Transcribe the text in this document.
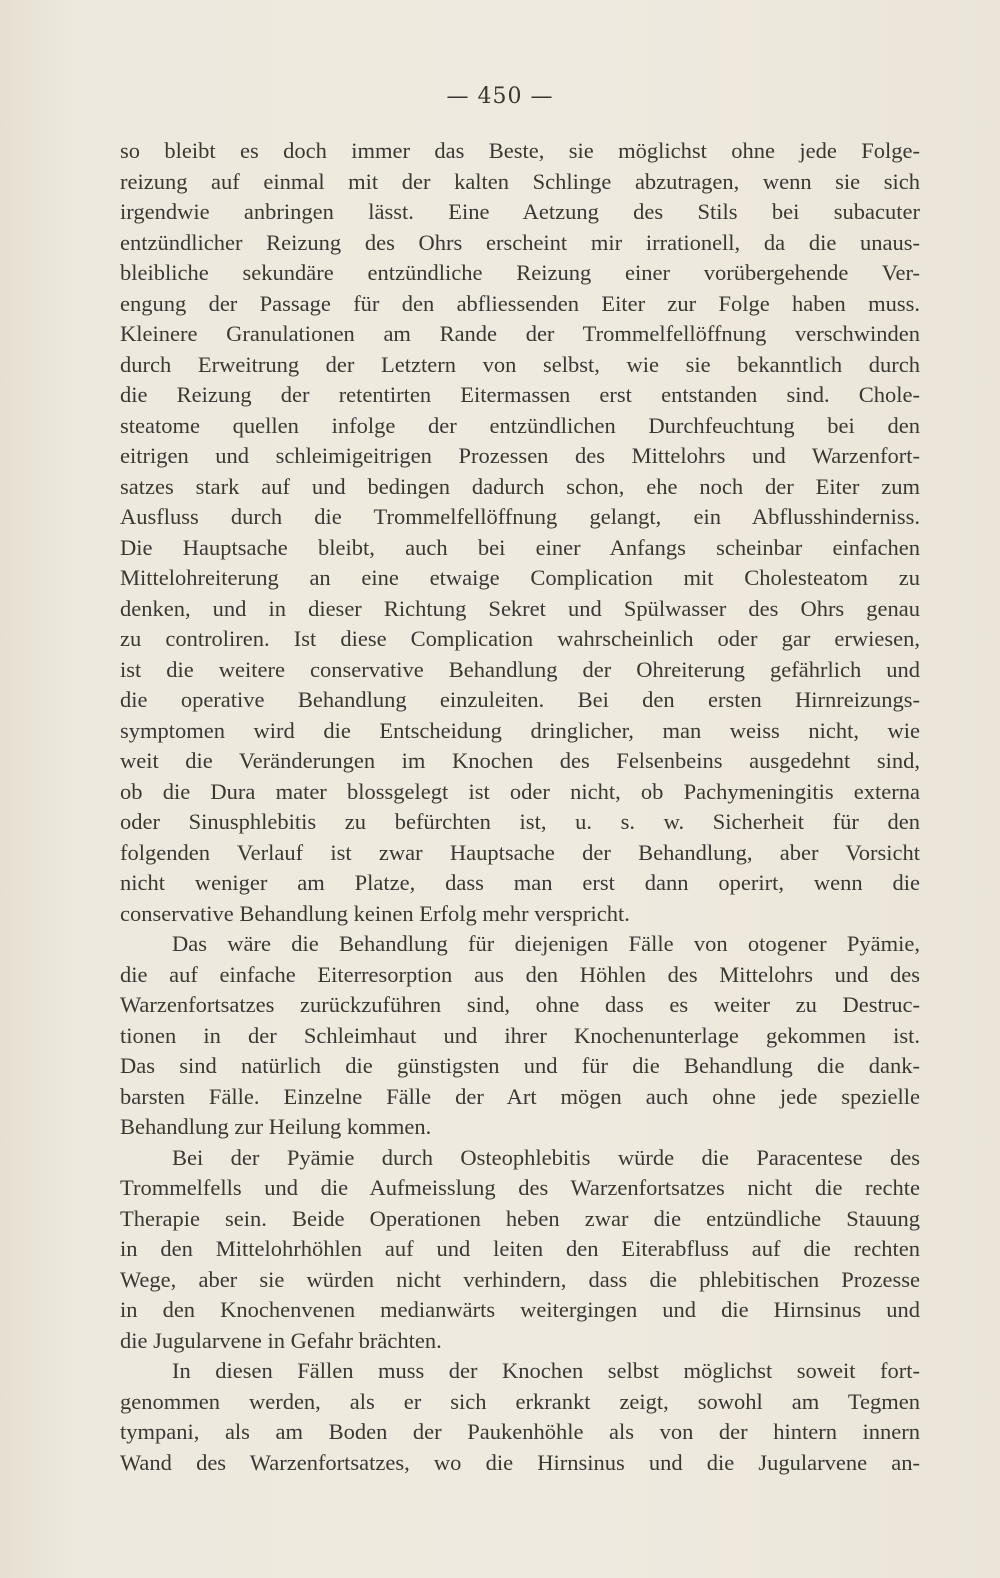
— 450 —
so bleibt es doch immer das Beste, sie möglichst ohne jede Folge-
reizung auf einmal mit der kalten Schlinge abzutragen, wenn sie sich
irgendwie anbringen lässt. Eine Aetzung des Stils bei subacuter
entzündlicher Reizung des Ohrs erscheint mir irrationell, da die unaus-
bleibliche sekundäre entzündliche Reizung einer vorübergehende Ver-
engung der Passage für den abfliessenden Eiter zur Folge haben muss.
Kleinere Granulationen am Rande der Trommelfellöffnung verschwinden
durch Erweitrung der Letztern von selbst, wie sie bekanntlich durch
die Reizung der retentirten Eitermassen erst entstanden sind. Chole-
steatome quellen infolge der entzündlichen Durchfeuchtung bei den
eitrigen und schleimigeitrigen Prozessen des Mittelohrs und Warzenfort-
satzes stark auf und bedingen dadurch schon, ehe noch der Eiter zum
Ausfluss durch die Trommelfellöffnung gelangt, ein Abflusshinderniss.
Die Hauptsache bleibt, auch bei einer Anfangs scheinbar einfachen
Mittelohreiterung an eine etwaige Complication mit Cholesteatom zu
denken, und in dieser Richtung Sekret und Spülwasser des Ohrs genau
zu controliren. Ist diese Complication wahrscheinlich oder gar erwiesen,
ist die weitere conservative Behandlung der Ohreiterung gefährlich und
die operative Behandlung einzuleiten. Bei den ersten Hirnreizungs-
symptomen wird die Entscheidung dringlicher, man weiss nicht, wie
weit die Veränderungen im Knochen des Felsenbeins ausgedehnt sind,
ob die Dura mater blossgelegt ist oder nicht, ob Pachymeningitis externa
oder Sinusphlebitis zu befürchten ist, u. s. w. Sicherheit für den
folgenden Verlauf ist zwar Hauptsache der Behandlung, aber Vorsicht
nicht weniger am Platze, dass man erst dann operirt, wenn die
conservative Behandlung keinen Erfolg mehr verspricht.
Das wäre die Behandlung für diejenigen Fälle von otogener Pyämie,
die auf einfache Eiterresorption aus den Höhlen des Mittelohrs und des
Warzenfortsatzes zurückzuführen sind, ohne dass es weiter zu Destruc-
tionen in der Schleimhaut und ihrer Knochenunterlage gekommen ist.
Das sind natürlich die günstigsten und für die Behandlung die dank-
barsten Fälle. Einzelne Fälle der Art mögen auch ohne jede spezielle
Behandlung zur Heilung kommen.
Bei der Pyämie durch Osteophlebitis würde die Paracentese des
Trommelfells und die Aufmeisslung des Warzenfortsatzes nicht die rechte
Therapie sein. Beide Operationen heben zwar die entzündliche Stauung
in den Mittelohrhöhlen auf und leiten den Eiterabfluss auf die rechten
Wege, aber sie würden nicht verhindern, dass die phlebitischen Prozesse
in den Knochenvenen medianwärts weitergingen und die Hirnsinus und
die Jugularvene in Gefahr brächten.
In diesen Fällen muss der Knochen selbst möglichst soweit fort-
genommen werden, als er sich erkrankt zeigt, sowohl am Tegmen
tympani, als am Boden der Paukenhöhle als von der hintern innern
Wand des Warzenfortsatzes, wo die Hirnsinus und die Jugularvene an-
